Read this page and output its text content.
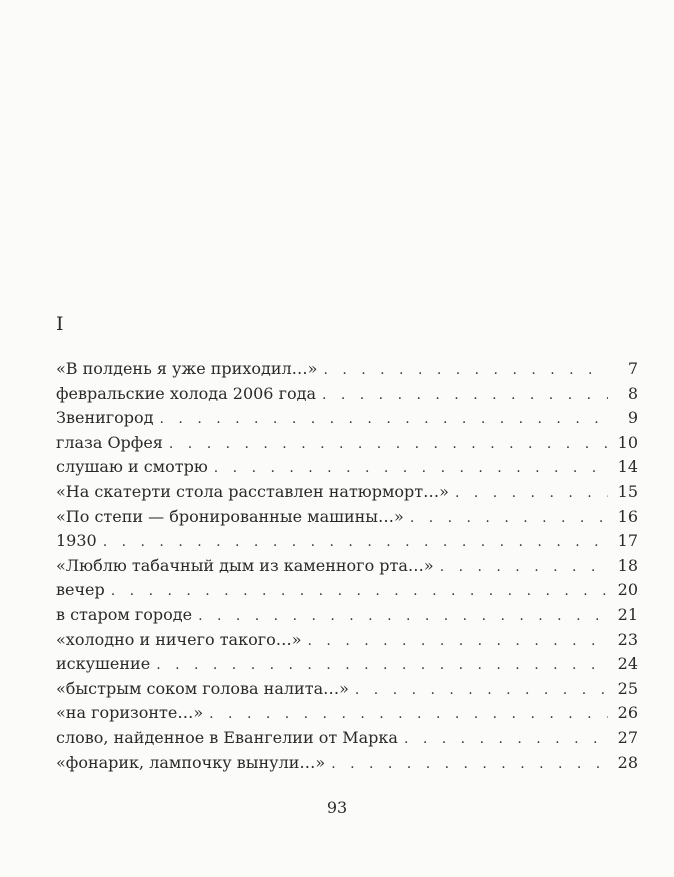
I
«В полдень я уже приходил…» . . .	7
февральские холода 2006 года . . .	8
Звенигород . . .	9
глаза Орфея . . .	10
слушаю и смотрю . . .	14
«На скатерти стола расставлен натюрморт…» . . .	15
«По степи — бронированные машины…» . . .	16
1930 . . .	17
«Люблю табачный дым из каменного рта…» . . .	18
вечер . . .	20
в старом городе . . .	21
«холодно и ничего такого…» . . .	23
искушение . . .	24
«быстрым соком голова налита…» . . .	25
«на горизонте…» . . .	26
слово, найденное в Евангелии от Марка . . .	27
«фонарик, лампочку вынули…» . . .	28
93
